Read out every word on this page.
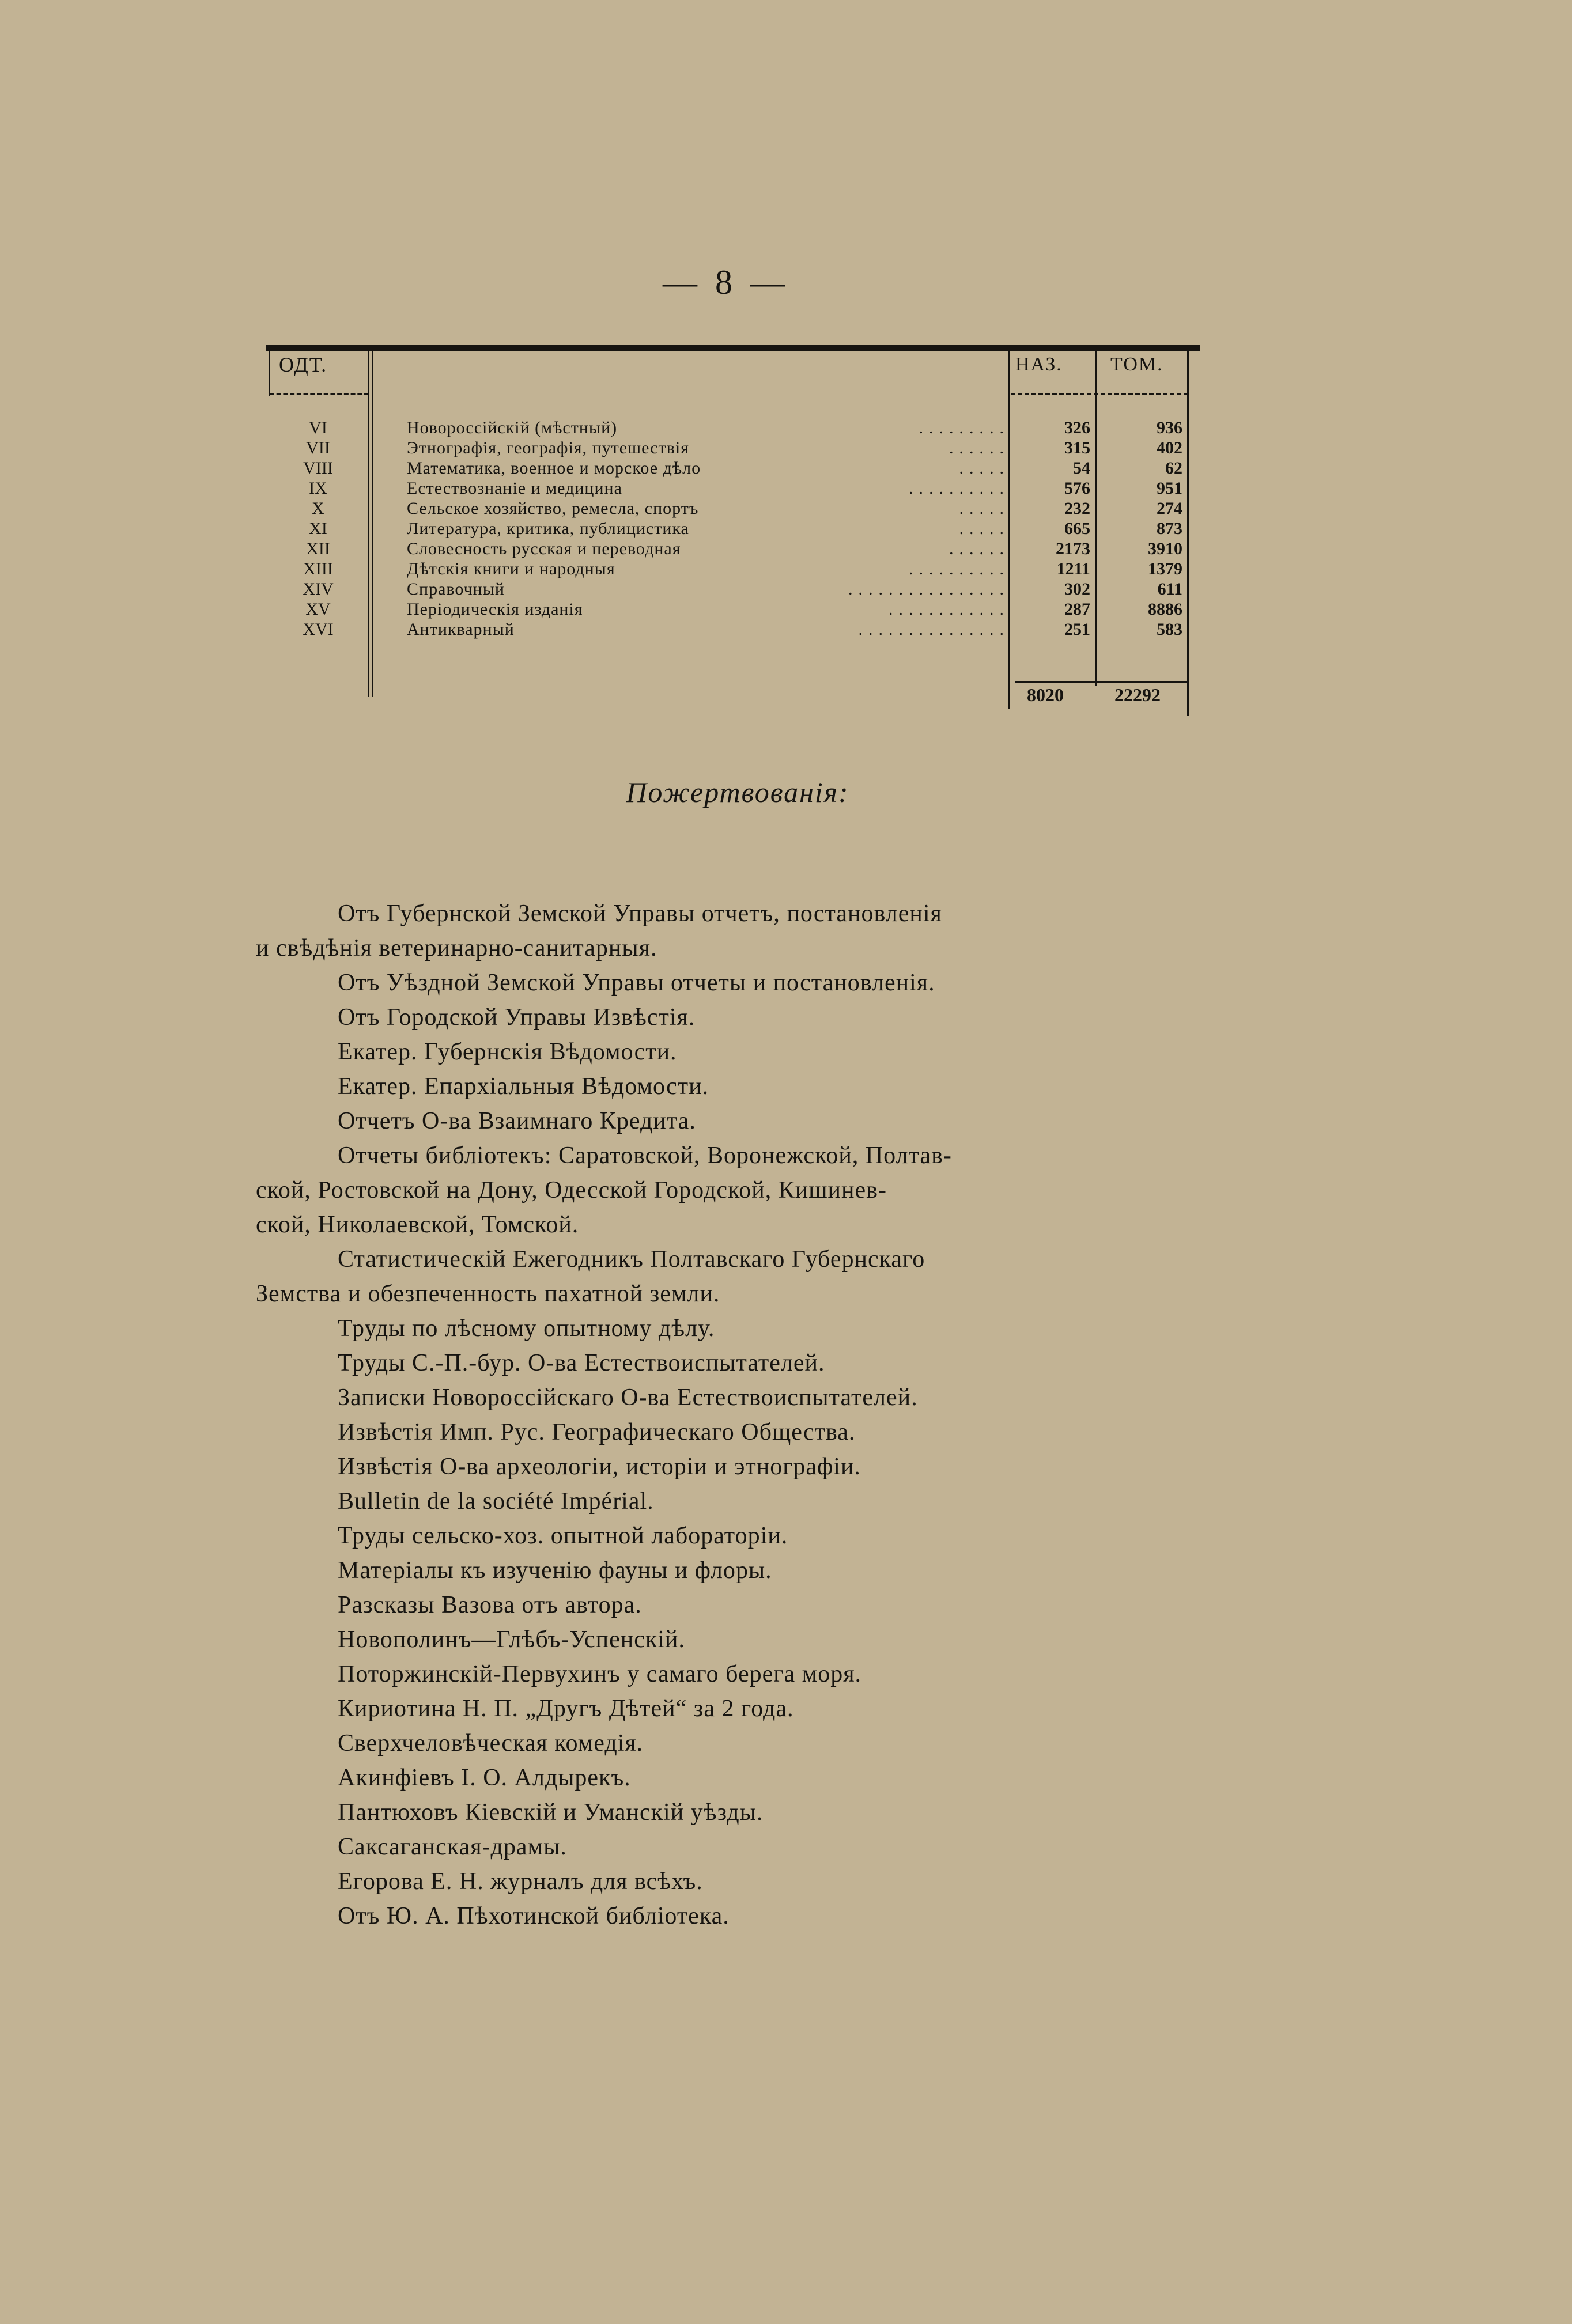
— 8 —
ОДТ.	НАЗ. ТОМ.
VI	Новороссійскій (мѣстный)	.........	326	936
VII	Этнографія, географія, путешествія	......	315	402
VIII	Математика, военное и морское дѣло	.....	54	62
IX	Естествознаніе и медицина	..........	576	951
X	Сельское хозяйство, ремесла, спортъ	.....	232	274
XI	Литература, критика, публицистика	.....	665	873
XII	Словесность русская и переводная	......	2173	3910
XIII	Дѣтскія книги и народныя	..........	1211	1379
XIV	Справочный	................	302	611
XV	Періодическія изданія	............	287	8886
XVI	Антикварный	...............	251	583
8020	22292
Пожертвованія:
Отъ Губернской Земской Управы отчетъ, постановленія
и свѣдѣнія ветеринарно-санитарныя.
Отъ Уѣздной Земской Управы отчеты и постановленія.
Отъ Городской Управы Извѣстія.
Екатер. Губернскія Вѣдомости.
Екатер. Епархіальныя Вѣдомости.
Отчетъ О-ва Взаимнаго Кредита.
Отчеты библіотекъ: Саратовской, Воронежской, Полтав-
ской, Ростовской на Дону, Одесской Городской, Кишинев-
ской, Николаевской, Томской.
Статистическій Ежегодникъ Полтавскаго Губернскаго
Земства и обезпеченность пахатной земли.
Труды по лѣсному опытному дѣлу.
Труды С.-П.-бур. О-ва Естествоиспытателей.
Записки Новороссійскаго О-ва Естествоиспытателей.
Извѣстія Имп. Рус. Географическаго Общества.
Извѣстія О-ва археологіи, исторіи и этнографіи.
Bulletin de la société Impérial.
Труды сельско-хоз. опытной лабораторіи.
Матеріалы къ изученію фауны и флоры.
Разсказы Вазова отъ автора.
Новополинъ—Глѣбъ-Успенскій.
Поторжинскій-Первухинъ у самаго берега моря.
Кириотина Н. П. „Другъ Дѣтей“ за 2 года.
Сверхчеловѣческая комедія.
Акинфіевъ І. О. Алдырекъ.
Пантюховъ Кіевскій и Уманскій уѣзды.
Саксаганская-драмы.
Егорова Е. Н. журналъ для всѣхъ.
Отъ Ю. А. Пѣхотинской библіотека.
